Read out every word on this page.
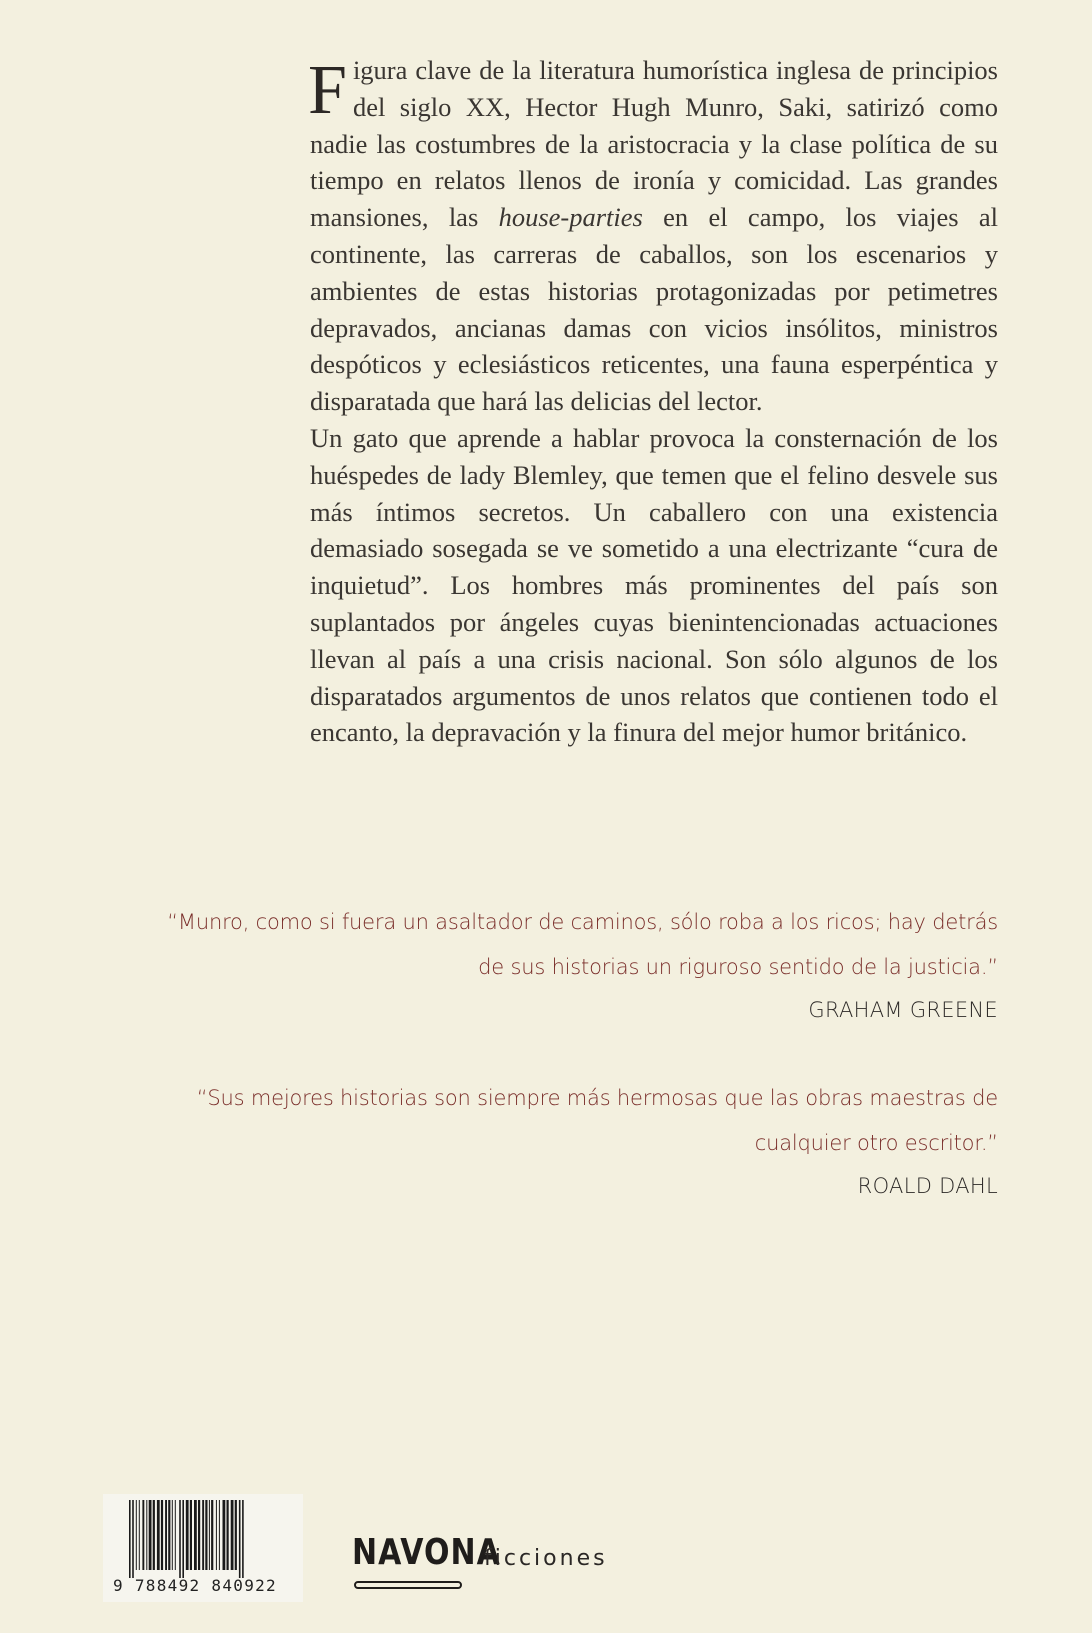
Figura clave de la literatura humorística inglesa de principios del siglo XX, Hector Hugh Munro, Saki, satirizó como nadie las costumbres de la aristocracia y la clase política de su tiempo en relatos llenos de ironía y comicidad. Las grandes mansiones, las house-parties en el campo, los viajes al continente, las carreras de caballos, son los escenarios y ambientes de estas historias protagonizadas por petimetres depravados, ancianas damas con vicios insólitos, ministros despóticos y eclesiásticos reticentes, una fauna esperpéntica y disparatada que hará las delicias del lector.

Un gato que aprende a hablar provoca la consternación de los huéspedes de lady Blemley, que temen que el felino desvele sus más íntimos secretos. Un caballero con una existencia demasiado sosegada se ve sometido a una electrizante “cura de inquietud”. Los hombres más prominentes del país son suplantados por ángeles cuyas bienintencionadas actuaciones llevan al país a una crisis nacional. Son sólo algunos de los disparatados argumentos de unos relatos que contienen todo el encanto, la depravación y la finura del mejor humor británico.

“Munro, como si fuera un asaltador de caminos, sólo roba a los ricos; hay detrás
de sus historias un riguroso sentido de la justicia.”
GRAHAM GREENE
“Sus mejores historias son siempre más hermosas que las obras maestras de
cualquier otro escritor.”
ROALD DAHL
9 788492 840922
NAVONA
ficciones
